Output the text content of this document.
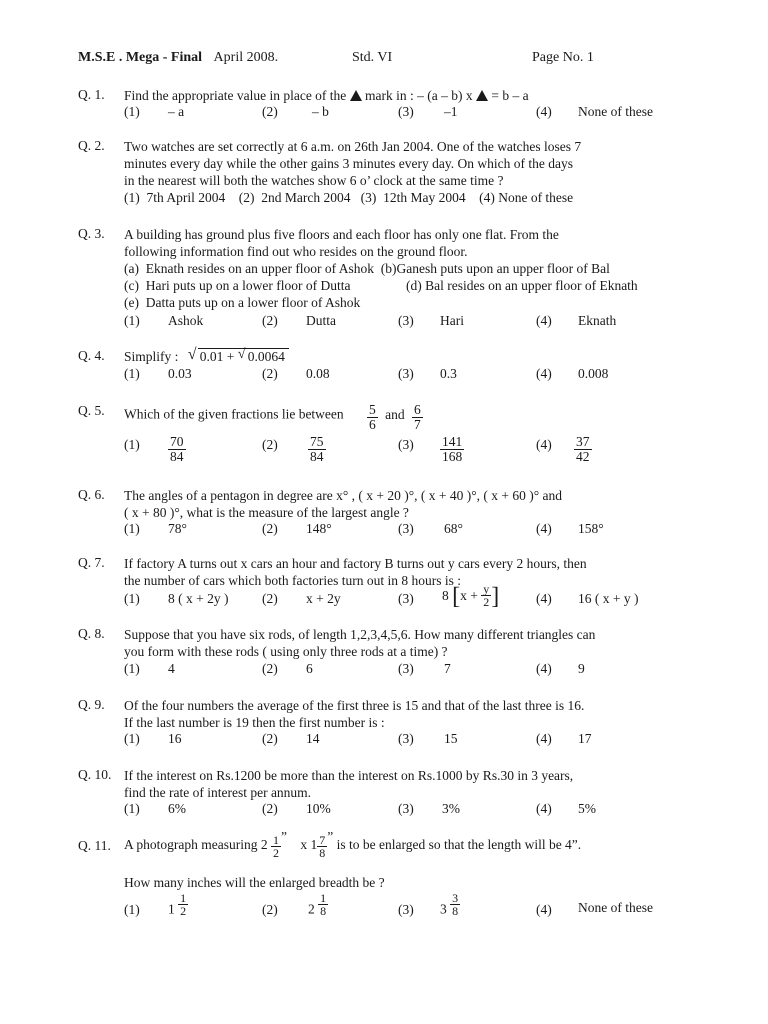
M.S.E . Mega - Final April 2008.	Std. VI	Page No. 1
Q. 1.	Find the appropriate value in place of the mark in : – (a – b) x = b – a
(1) – a	(2)	– b	(3) –1	(4) None of these
Q. 2.	Two watches are set correctly at 6 a.m. on 26th Jan 2004. One of the watches loses 7
minutes every day while the other gains 3 minutes every day. On which of the days
in the nearest will both the watches show 6 o’ clock at the same time ?
(1)  7th April 2004    (2)  2nd March 2004   (3)  12th May 2004    (4) None of these
Q. 3.	A building has ground plus five floors and each floor has only one flat. From the
following information find out who resides on the ground floor.
(a)  Eknath resides on an upper floor of Ashok  (b)Ganesh puts upon an upper floor of Bal
(c)  Hari puts up on a lower floor of Dutta	(d) Bal resides on an upper floor of Eknath
(e)  Datta puts up on a lower floor of Ashok
(1) Ashok	(2) Dutta	(3) Hari	(4) Eknath
Q. 4.	Simplify : √ 0.01 + √ 0.0064
(1) 0.03	(2) 0.08	(3) 0.3	(4) 0.008
Q. 5.	Which of the given fractions lie between $\frac{5}{6}$ and $\frac{6}{7}$
$(1) \frac{70}{84}$	$(2) \frac{75}{84}$	$(3) \frac{141}{168}$	$(4) \frac{37}{42}$
Q. 6.	The angles of a pentagon in degree are x° , ( x + 20 )°, ( x + 40 )°, ( x + 60 )° and
( x + 80 )°, what is the measure of the largest angle ?
(1) 78°	(2) 148°	(3) 68°	(4) 158°
Q. 7.	If factory A turns out x cars an hour and factory B turns out y cars every 2 hours, then
the number of cars which both factories turn out in 8 hours is :
(1) 8 ( x + 2y ) (2) x + 2y	(3) 8 [$x + \frac{y}{2}$ ]	(4) 16 ( x + y )
Q. 8.	Suppose that you have six rods, of length 1,2,3,4,5,6. How many different triangles can
you form with these rods ( using only three rods at a time) ?
(1) 4	(2) 6	(3) 7	(4) 9
Q. 9.	Of the four numbers the average of the first three is 15 and that of the last three is 16.
If the last number is 19 then the first number is :
(1) 16	(2) 14	(3) 15	(4) 17
Q. 10. If the interest on Rs.1200 be more than the interest on Rs.1000 by Rs.30 in 3 years,
find the rate of interest per annum.
(1) 6%	(2) 10%	(3) 3%	(4) 5%
Q. 11. A photograph measuring $2 \frac{1}{2}$ ” x $1 \frac{7}{8}$ ” is to be enlarged so that the length will be 4”.
How many inches will the enlarged breadth be ?
(1) $1 \frac{1}{2}$	(2) $2 \frac{1}{8}$	(3) $3 \frac{3}{8}$	(4) None of these
